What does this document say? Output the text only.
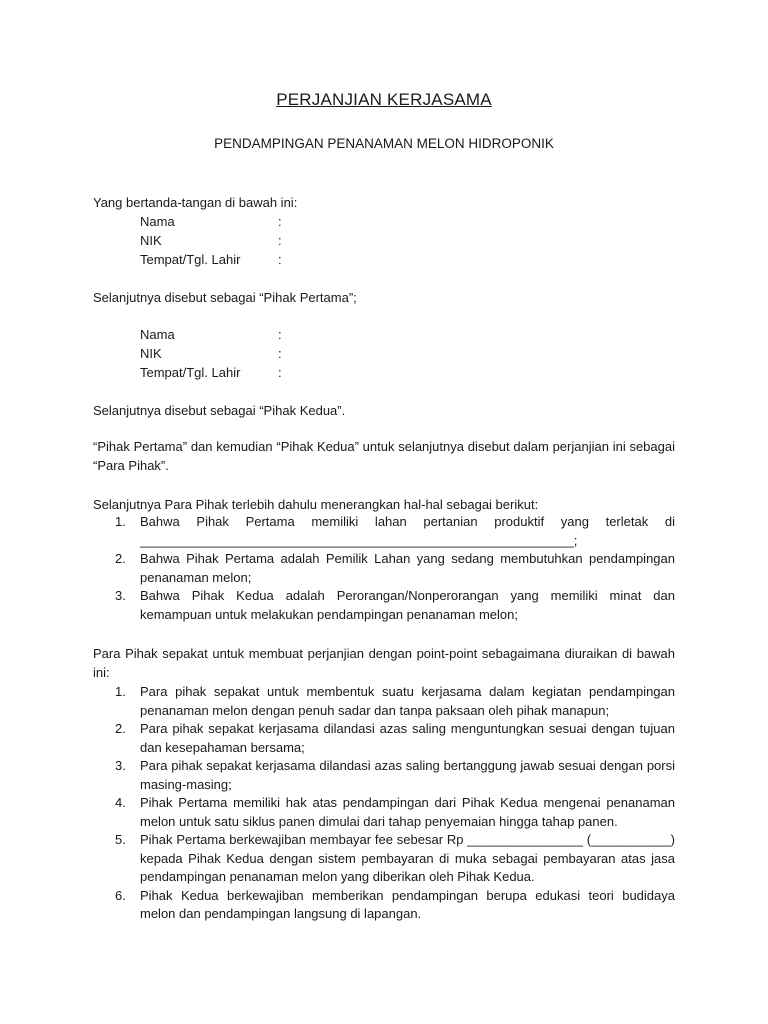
PERJANJIAN KERJASAMA
PENDAMPINGAN PENANAMAN MELON HIDROPONIK
Yang bertanda-tangan di bawah ini:
Nama	:
NIK	:
Tempat/Tgl. Lahir	:
Selanjutnya disebut sebagai “Pihak Pertama”;
Nama	:
NIK	:
Tempat/Tgl. Lahir	:
Selanjutnya disebut sebagai “Pihak Kedua”.
“Pihak Pertama” dan kemudian “Pihak Kedua” untuk selanjutnya disebut dalam perjanjian ini sebagai “Para Pihak”.
Selanjutnya Para Pihak terlebih dahulu menerangkan hal-hal sebagai berikut:
1. Bahwa Pihak Pertama memiliki lahan pertanian produktif yang terletak di ____________________________________________________________;
2. Bahwa Pihak Pertama adalah Pemilik Lahan yang sedang membutuhkan pendampingan penanaman melon;
3. Bahwa Pihak Kedua adalah Perorangan/Nonperorangan yang memiliki minat dan kemampuan untuk melakukan pendampingan penanaman melon;
Para Pihak sepakat untuk membuat perjanjian dengan point-point sebagaimana diuraikan di bawah ini:
1. Para pihak sepakat untuk membentuk suatu kerjasama dalam kegiatan pendampingan penanaman melon dengan penuh sadar dan tanpa paksaan oleh pihak manapun;
2. Para pihak sepakat kerjasama dilandasi azas saling menguntungkan sesuai dengan tujuan dan kesepahaman bersama;
3. Para pihak sepakat kerjasama dilandasi azas saling bertanggung jawab sesuai dengan porsi masing-masing;
4. Pihak Pertama memiliki hak atas pendampingan dari Pihak Kedua mengenai penanaman melon untuk satu siklus panen dimulai dari tahap penyemaian hingga tahap panen.
5. Pihak Pertama berkewajiban membayar fee sebesar Rp ________________ (___________) kepada Pihak Kedua dengan sistem pembayaran di muka sebagai pembayaran atas jasa pendampingan penanaman melon yang diberikan oleh Pihak Kedua.
6. Pihak Kedua berkewajiban memberikan pendampingan berupa edukasi teori budidaya melon dan pendampingan langsung di lapangan.
